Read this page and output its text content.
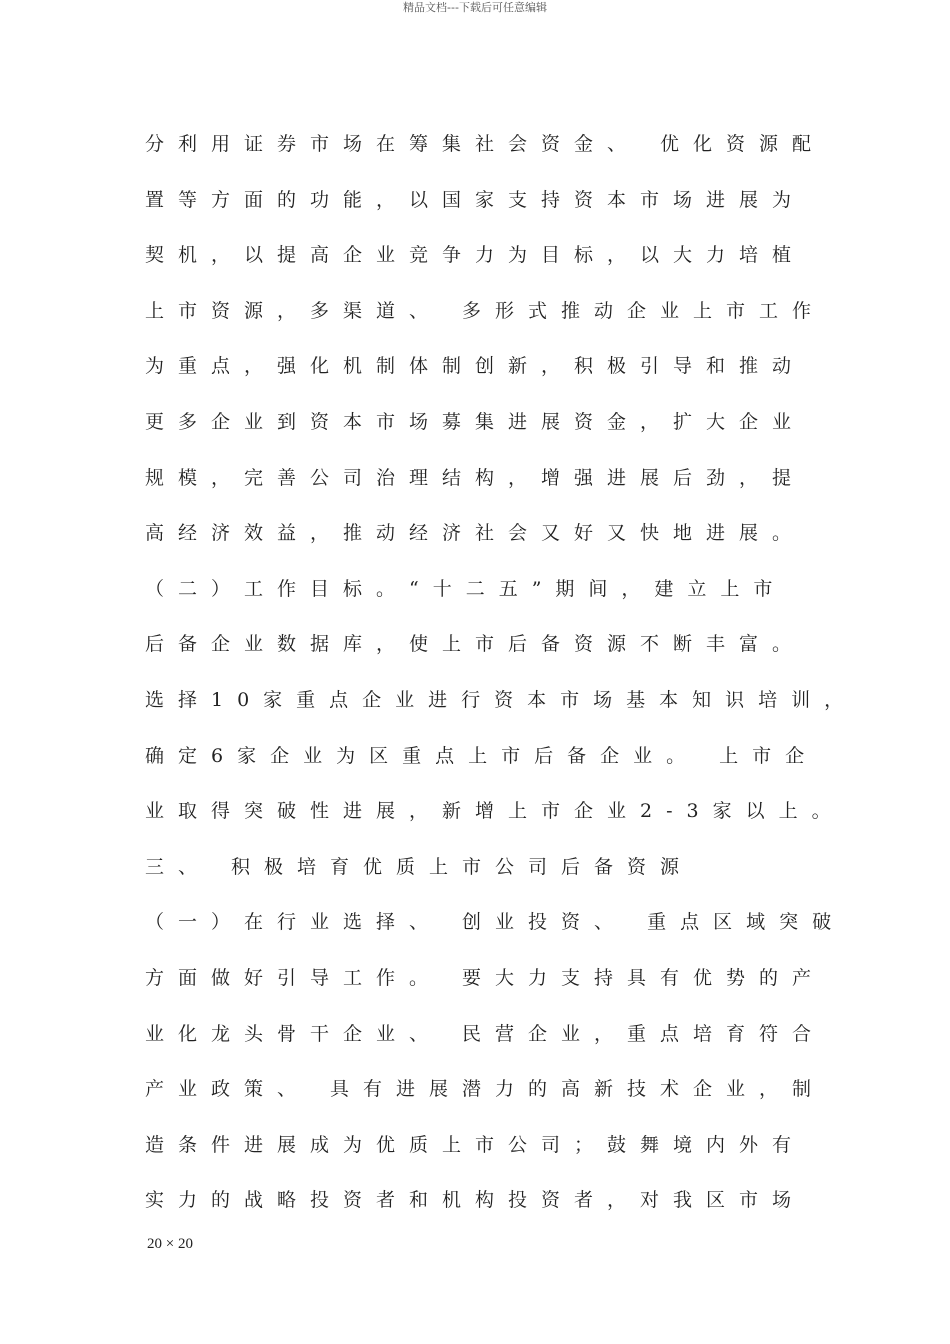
精品文档---下载后可任意编辑
分利用证券市场在筹集社会资金、 优化资源配
置等方面的功能，以国家支持资本市场进展为
契机，以提高企业竞争力为目标，以大力培植
上市资源，多渠道、 多形式推动企业上市工作
为重点，强化机制体制创新，积极引导和推动
更多企业到资本市场募集进展资金，扩大企业
规模，完善公司治理结构，增强进展后劲，提
高经济效益，推动经济社会又好又快地进展。
（二）工作目标。“十二五”期间，建立上市
后备企业数据库，使上市后备资源不断丰富。
选择10家重点企业进行资本市场基本知识培训，
确定6家企业为区重点上市后备企业。 上市企
业取得突破性进展，新增上市企业2-3家以上。
三、 积极培育优质上市公司后备资源
（一）在行业选择、 创业投资、 重点区域突破
方面做好引导工作。 要大力支持具有优势的产
业化龙头骨干企业、 民营企业，重点培育符合
产业政策、 具有进展潜力的高新技术企业，制
造条件进展成为优质上市公司；鼓舞境内外有
实力的战略投资者和机构投资者，对我区市场
20 × 20
